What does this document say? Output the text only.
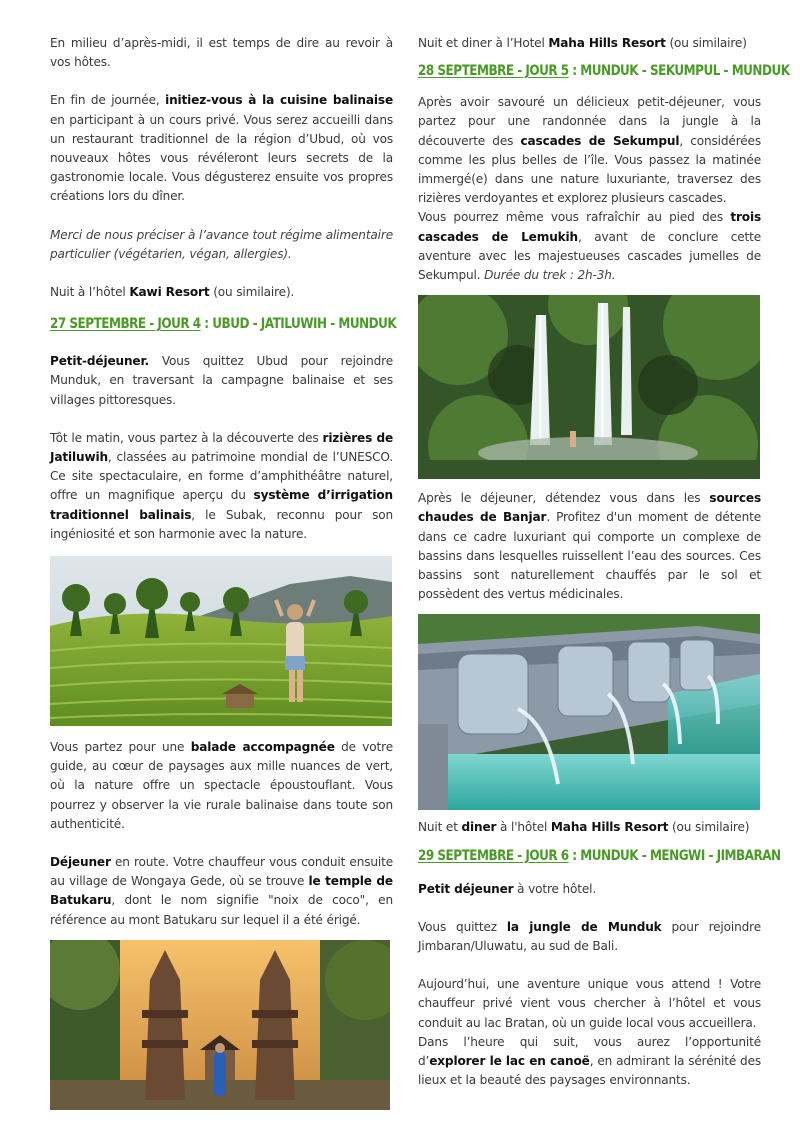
En milieu d’après-midi, il est temps de dire au revoir à vos hôtes.

En fin de journée, initiez-vous à la cuisine balinaise en participant à un cours privé. Vous serez accueilli dans un restaurant traditionnel de la région d’Ubud, où vos nouveaux hôtes vous révéleront leurs secrets de la gastronomie locale. Vous dégusterez ensuite vos propres créations lors du dîner.

Merci de nous préciser à l’avance tout régime alimentaire particulier (végétarien, végan, allergies).

Nuit à l’hôtel Kawi Resort (ou similaire).

27 SEPTEMBRE - JOUR 4 : UBUD - JATILUWIH - MUNDUK

Petit-déjeuner. Vous quittez Ubud pour rejoindre Munduk, en traversant la campagne balinaise et ses villages pittoresques.

Tôt le matin, vous partez à la découverte des rizières de Jatiluwih, classées au patrimoine mondial de l’UNESCO. Ce site spectaculaire, en forme d’amphithéâtre naturel, offre un magnifique aperçu du système d’irrigation traditionnel balinais, le Subak, reconnu pour son ingéniosité et son harmonie avec la nature.

Vous partez pour une balade accompagnée de votre guide, au cœur de paysages aux mille nuances de vert, où la nature offre un spectacle époustouflant. Vous pourrez y observer la vie rurale balinaise dans toute son authenticité.

Déjeuner en route. Votre chauffeur vous conduit ensuite au village de Wongaya Gede, où se trouve le temple de Batukaru, dont le nom signifie "noix de coco", en référence au mont Batukaru sur lequel il a été érigé.

Nuit et diner à l’Hotel Maha Hills Resort (ou similaire)

28 SEPTEMBRE - JOUR 5 : MUNDUK - SEKUMPUL - MUNDUK

Après avoir savouré un délicieux petit-déjeuner, vous partez pour une randonnée dans la jungle à la découverte des cascades de Sekumpul, considérées comme les plus belles de l’île. Vous passez la matinée immergé(e) dans une nature luxuriante, traversez des rizières verdoyantes et explorez plusieurs cascades.

Vous pourrez même vous rafraîchir au pied des trois cascades de Lemukih, avant de conclure cette aventure avec les majestueuses cascades jumelles de Sekumpul. Durée du trek : 2h-3h.

Après le déjeuner, détendez vous dans les sources chaudes de Banjar. Profitez d'un moment de détente dans ce cadre luxuriant qui comporte un complexe de bassins dans lesquelles ruissellent l’eau des sources. Ces bassins sont naturellement chauffés par le sol et possèdent des vertus médicinales.

Nuit et diner à l'hôtel Maha Hills Resort (ou similaire)

29 SEPTEMBRE - JOUR 6 : MUNDUK - MENGWI - JIMBARAN

Petit déjeuner à votre hôtel.

Vous quittez la jungle de Munduk pour rejoindre Jimbaran/Uluwatu, au sud de Bali.

Aujourd’hui, une aventure unique vous attend ! Votre chauffeur privé vient vous chercher à l’hôtel et vous conduit au lac Bratan, où un guide local vous accueillera.

Dans l’heure qui suit, vous aurez l’opportunité d’explorer le lac en canoë, en admirant la sérénité des lieux et la beauté des paysages environnants.
